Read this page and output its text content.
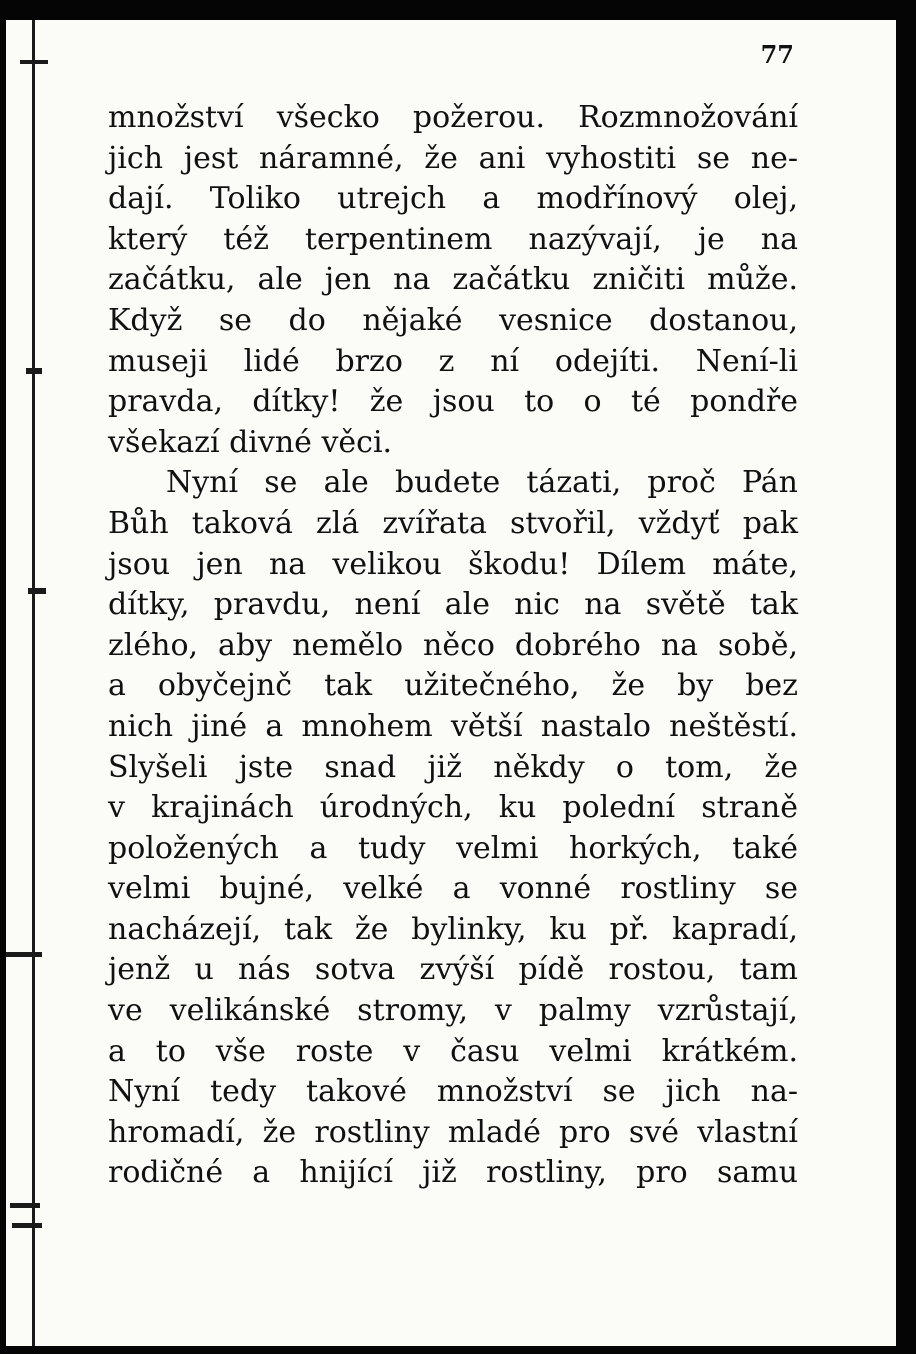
77
množství všecko požerou. Rozmnožování
jich jest náramné, že ani vyhostiti se ne-
dají. Toliko utrejch a modřínový olej,
který též terpentinem nazývají, je na
začátku, ale jen na začátku zničiti může.
Když se do nějaké vesnice dostanou,
museji lidé brzo z ní odejíti. Není-li
pravda, dítky! že jsou to o té pondře
všekazí divné věci.
Nyní se ale budete tázati, proč Pán
Bůh taková zlá zvířata stvořil, vždyť pak
jsou jen na velikou škodu! Dílem máte,
dítky, pravdu, není ale nic na světě tak
zlého, aby nemělo něco dobrého na sobě,
a obyčejnč tak užitečného, že by bez
nich jiné a mnohem větší nastalo neštěstí.
Slyšeli jste snad již někdy o tom, že
v krajinách úrodných, ku polední straně
položených a tudy velmi horkých, také
velmi bujné, velké a vonné rostliny se
nacházejí, tak že bylinky, ku př. kapradí,
jenž u nás sotva zvýší pídě rostou, tam
ve velikánské stromy, v palmy vzrůstají,
a to vše roste v času velmi krátkém.
Nyní tedy takové množství se jich na-
hromadí, že rostliny mladé pro své vlastní
rodičné a hnijící již rostliny, pro samu
